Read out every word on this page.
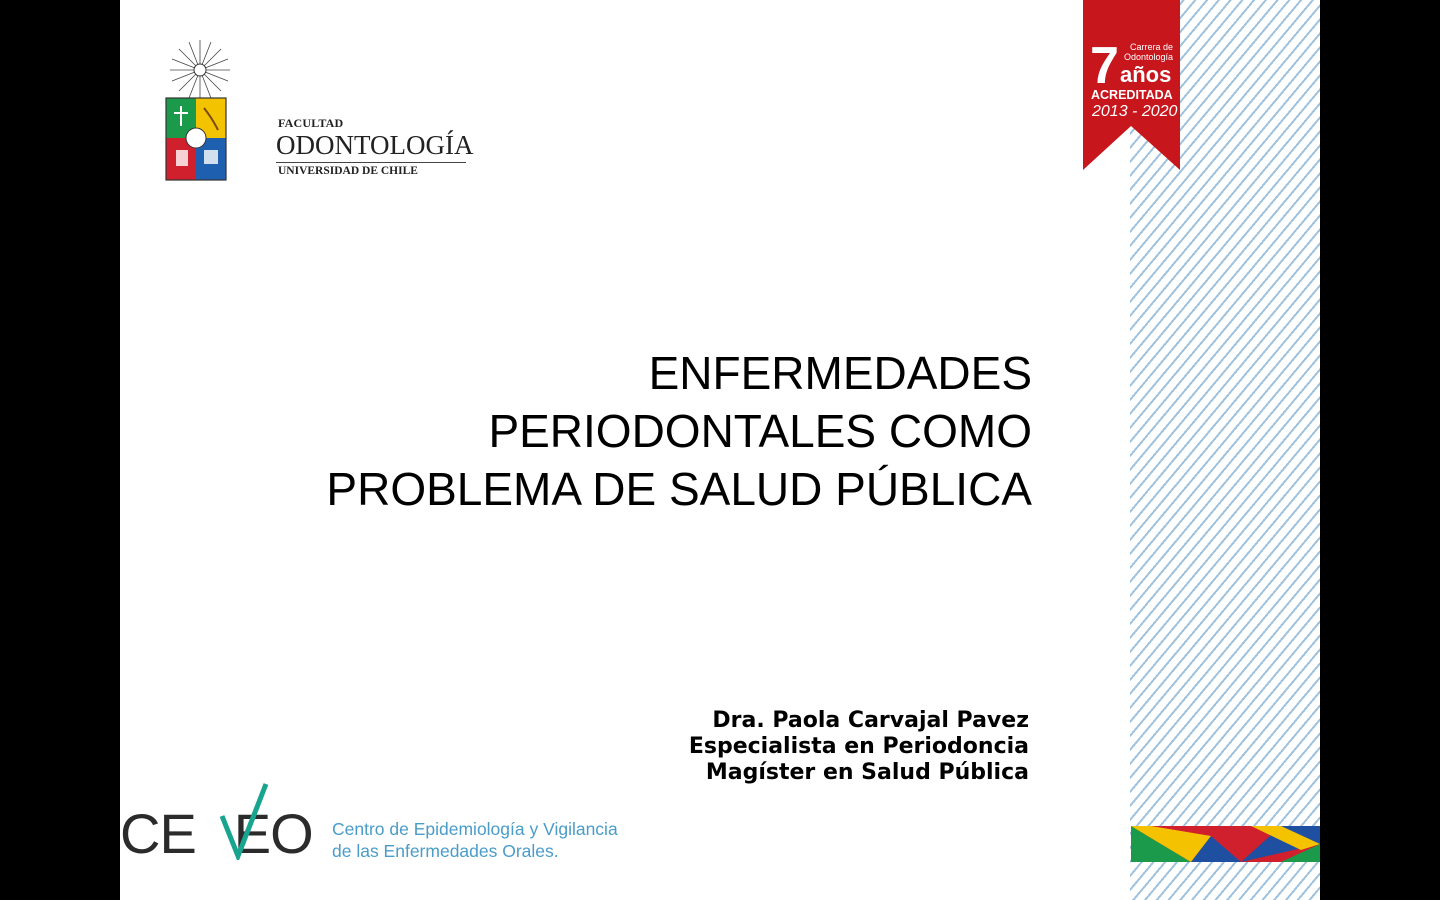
Carrera de
Odontología
7 años
ACREDITADA
2013 - 2020
FACULTAD
ODONTOLOGÍA
UNIVERSIDAD DE CHILE
ENFERMEDADES
PERIODONTALES COMO
PROBLEMA DE SALUD PÚBLICA
Dra. Paola Carvajal Pavez
Especialista en Periodoncia
Magíster en Salud Pública
CE EO Centro de Epidemiología y Vigilancia
de las Enfermedades Orales.
